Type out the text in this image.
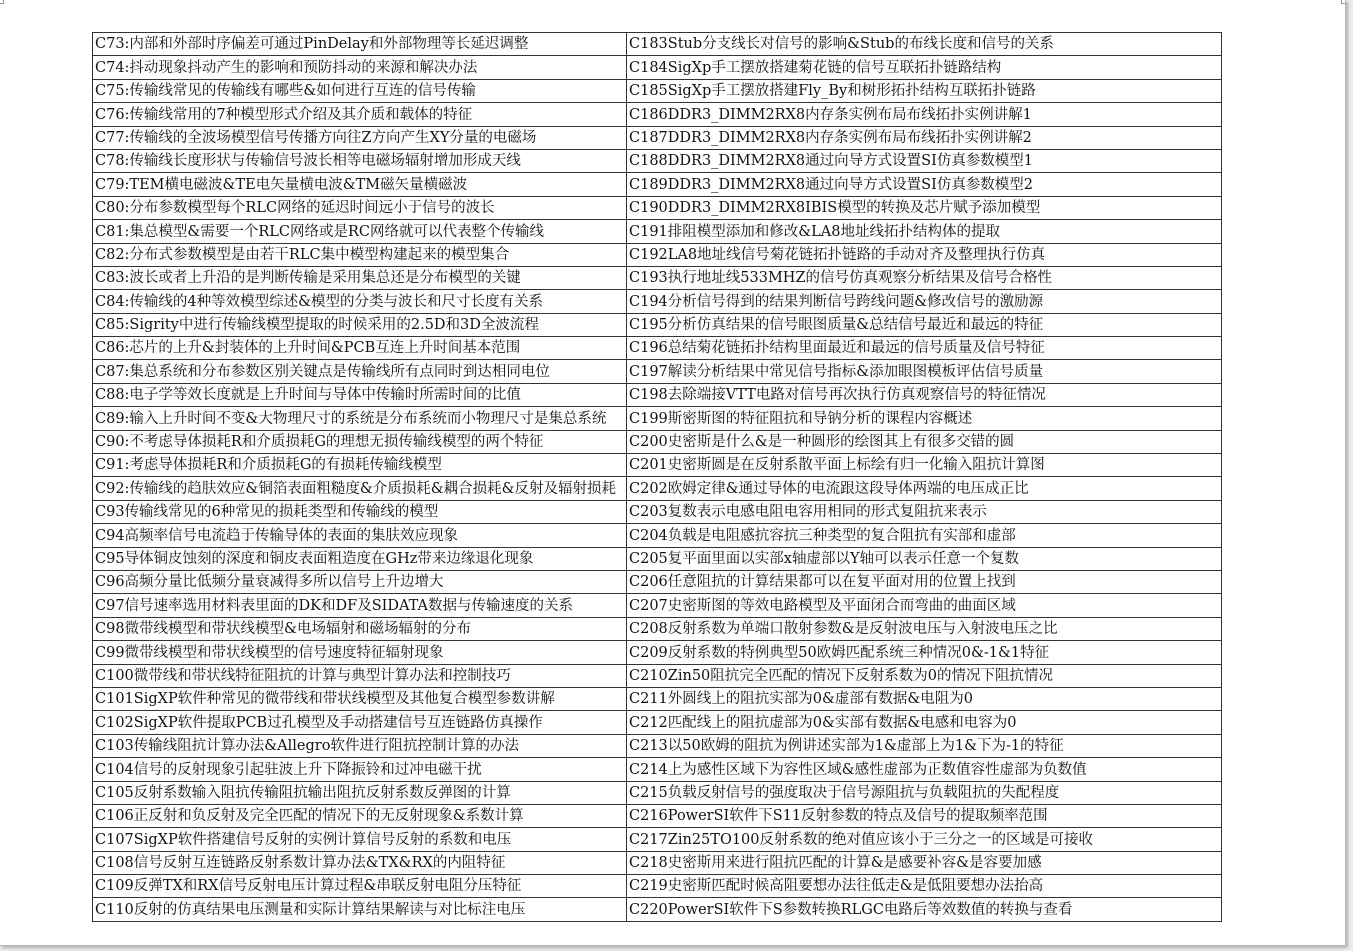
C73:内部和外部时序偏差可通过PinDelay和外部物理等长延迟调整	C183Stub分支线长对信号的影响&Stub的布线长度和信号的关系
C74:抖动现象抖动产生的影响和预防抖动的来源和解决办法	C184SigXp手工摆放搭建菊花链的信号互联拓扑链路结构
C75:传输线常见的传输线有哪些&如何进行互连的信号传输	C185SigXp手工摆放搭建Fly_By和树形拓扑结构互联拓扑链路
C76:传输线常用的7种模型形式介绍及其介质和载体的特征	C186DDR3_DIMM2RX8内存条实例布局布线拓扑实例讲解1
C77:传输线的全波场模型信号传播方向往Z方向产生XY分量的电磁场	C187DDR3_DIMM2RX8内存条实例布局布线拓扑实例讲解2
C78:传输线长度形状与传输信号波长相等电磁场辐射增加形成天线	C188DDR3_DIMM2RX8通过向导方式设置SI仿真参数模型1
C79:TEM横电磁波&TE电矢量横电波&TM磁矢量横磁波	C189DDR3_DIMM2RX8通过向导方式设置SI仿真参数模型2
C80:分布参数模型每个RLC网络的延迟时间远小于信号的波长	C190DDR3_DIMM2RX8IBIS模型的转换及芯片赋予添加模型
C81:集总模型&需要一个RLC网络或是RC网络就可以代表整个传输线	C191排阻模型添加和修改&LA8地址线拓扑结构体的提取
C82:分布式参数模型是由若干RLC集中模型构建起来的模型集合	C192LA8地址线信号菊花链拓扑链路的手动对齐及整理执行仿真
C83:波长或者上升沿的是判断传输是采用集总还是分布模型的关键	C193执行地址线533MHZ的信号仿真观察分析结果及信号合格性
C84:传输线的4种等效模型综述&模型的分类与波长和尺寸长度有关系	C194分析信号得到的结果判断信号跨线问题&修改信号的激励源
C85:Sigrity中进行传输线模型提取的时候采用的2.5D和3D全波流程	C195分析仿真结果的信号眼图质量&总结信号最近和最远的特征
C86:芯片的上升&封装体的上升时间&PCB互连上升时间基本范围	C196总结菊花链拓扑结构里面最近和最远的信号质量及信号特征
C87:集总系统和分布参数区别关键点是传输线所有点同时到达相同电位	C197解读分析结果中常见信号指标&添加眼图模板评估信号质量
C88:电子学等效长度就是上升时间与导体中传输时所需时间的比值	C198去除端接VTT电路对信号再次执行仿真观察信号的特征情况
C89:输入上升时间不变&大物理尺寸的系统是分布系统而小物理尺寸是集总系统	C199斯密斯图的特征阻抗和导钠分析的课程内容概述
C90:不考虑导体损耗R和介质损耗G的理想无损传输线模型的两个特征	C200史密斯是什么&是一种圆形的绘图其上有很多交错的圆
C91:考虑导体损耗R和介质损耗G的有损耗传输线模型	C201史密斯圆是在反射系散平面上标绘有归一化输入阻抗计算图
C92:传输线的趋肤效应&铜箔表面粗糙度&介质损耗&耦合损耗&反射及辐射损耗	C202欧姆定律&通过导体的电流跟这段导体两端的电压成正比
C93传输线常见的6种常见的损耗类型和传输线的模型	C203复数表示电感电阻电容用相同的形式复阻抗来表示
C94高频率信号电流趋于传输导体的表面的集肤效应现象	C204负载是电阻感抗容抗三种类型的复合阻抗有实部和虚部
C95导体铜皮蚀刻的深度和铜皮表面粗造度在GHz带来边缘退化现象	C205复平面里面以实部x轴虚部以Y轴可以表示任意一个复数
C96高频分量比低频分量衰减得多所以信号上升边增大	C206任意阻抗的计算结果都可以在复平面对用的位置上找到
C97信号速率选用材料表里面的DK和DF及SIDATA数据与传输速度的关系	C207史密斯图的等效电路模型及平面闭合而弯曲的曲面区域
C98微带线模型和带状线模型&电场辐射和磁场辐射的分布	C208反射系数为单端口散射参数&是反射波电压与入射波电压之比
C99微带线模型和带状线模型的信号速度特征辐射现象	C209反射系数的特例典型50欧姆匹配系统三种情况0&-1&1特征
C100微带线和带状线特征阻抗的计算与典型计算办法和控制技巧	C210Zin50阻抗完全匹配的情况下反射系数为0的情况下阻抗情况
C101SigXP软件种常见的微带线和带状线模型及其他复合模型参数讲解	C211外圆线上的阻抗实部为0&虚部有数据&电阻为0
C102SigXP软件提取PCB过孔模型及手动搭建信号互连链路仿真操作	C212匹配线上的阻抗虚部为0&实部有数据&电感和电容为0
C103传输线阻抗计算办法&Allegro软件进行阻抗控制计算的办法	C213以50欧姆的阻抗为例讲述实部为1&虚部上为1&下为-1的特征
C104信号的反射现象引起驻波上升下降振铃和过冲电磁干扰	C214上为感性区域下为容性区域&感性虚部为正数值容性虚部为负数值
C105反射系数输入阻抗传输阻抗输出阻抗反射系数反弹图的计算	C215负载反射信号的强度取决于信号源阻抗与负载阻抗的失配程度
C106正反射和负反射及完全匹配的情况下的无反射现象&系数计算	C216PowerSI软件下S11反射参数的特点及信号的提取频率范围
C107SigXP软件搭建信号反射的实例计算信号反射的系数和电压	C217Zin25TO100反射系数的绝对值应该小于三分之一的区域是可接收
C108信号反射互连链路反射系数计算办法&TX&RX的内阻特征	C218史密斯用来进行阻抗匹配的计算&是感要补容&是容要加感
C109反弹TX和RX信号反射电压计算过程&串联反射电阻分压特征	C219史密斯匹配时候高阻要想办法往低走&是低阻要想办法抬高
C110反射的仿真结果电压测量和实际计算结果解读与对比标注电压	C220PowerSI软件下S参数转换RLGC电路后等效数值的转换与查看
